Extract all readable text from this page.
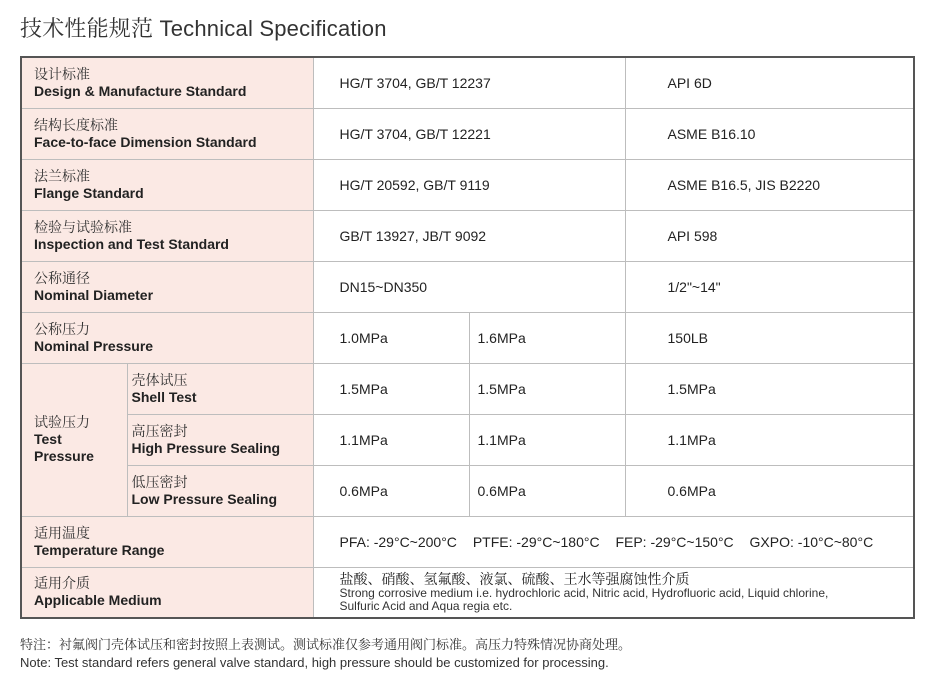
技术性能规范 Technical Specification
设计标准
Design & Manufacture Standard		HG/T 3704, GB/T 12237		API 6D

结构长度标准
Face-to-face Dimension Standard		HG/T 3704, GB/T 12221		ASME B16.10

法兰标准
Flange Standard		HG/T 20592, GB/T 9119		ASME B16.5, JIS B2220

检验与试验标准
Inspection and Test Standard		GB/T 13927, JB/T 9092		API 598

公称通径
Nominal Diameter		DN15~DN350		1/2"~14"

公称压力
Nominal Pressure		1.0MPa	1.6MPa	150LB

试验压力
Test
Pressure	壳体试压
Shell Test	1.5MPa	1.5MPa	1.5MPa

	高压密封
High Pressure Sealing	1.1MPa	1.1MPa	1.1MPa

	低压密封
Low Pressure Sealing	0.6MPa	0.6MPa	0.6MPa

适用温度
Temperature Range		PFA: -29°C~200°C PTFE: -29°C~180°C FEP: -29°C~150°C GXPO: -10°C~80°C		

适用介质
Applicable Medium		盐酸、硝酸、氢氟酸、液氯、硫酸、王水等强腐蚀性介质
Strong corrosive medium i.e. hydrochloric acid, Nitric acid, Hydrofluoric acid, Liquid chlorine,
Sulfuric Acid and Aqua regia etc.		
特注：衬氟阀门壳体试压和密封按照上表测试。测试标准仅参考通用阀门标准。高压力特殊情况协商处理。
Note: Test standard refers general valve standard, high pressure should be customized for processing.
